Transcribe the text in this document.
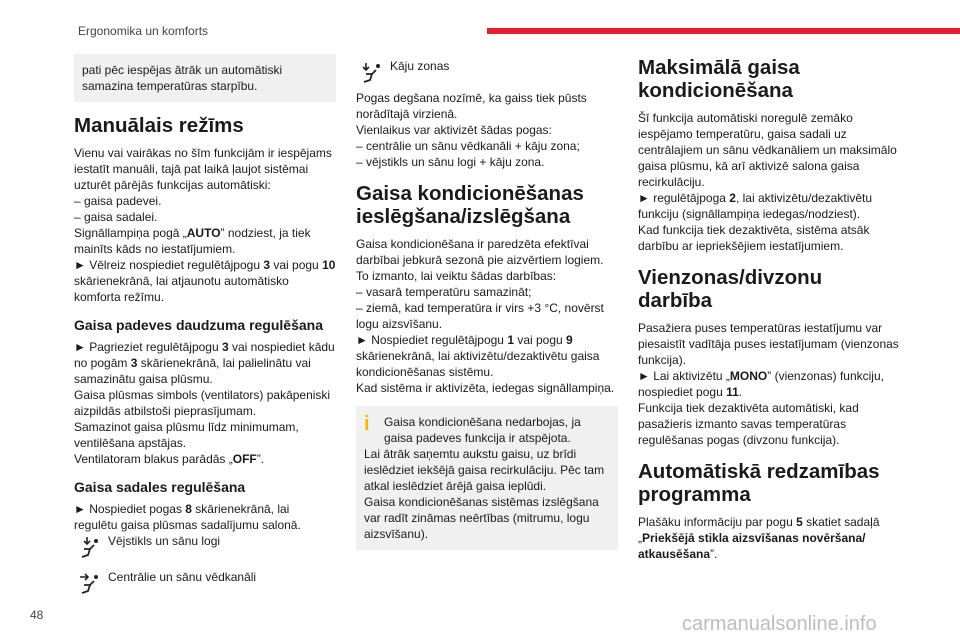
Ergonomika un komforts

pati pēc iespējas ātrāk un automātiski samazina temperatūras starpību.

Manuālais režīms

Vienu vai vairākas no šīm funkcijām ir iespējams iestatīt manuāli, tajā pat laikā ļaujot sistēmai uzturēt pārējās funkcijas automātiski:

– gaisa padevei.

– gaisa sadalei.

Signāllampiņa pogā „AUTO” nodziest, ja tiek mainīts kāds no iestatījumiem.

► Vēlreiz nospiediet regulētājpogu 3 vai pogu 10 skārienekrānā, lai atjaunotu automātisko komforta režīmu.

Gaisa padeves daudzuma regulēšana

► Pagrieziet regulētājpogu 3 vai nospiediet kādu no pogām 3 skārienekrānā, lai palielinātu vai samazinātu gaisa plūsmu.

Gaisa plūsmas simbols (ventilators) pakāpeniski aizpildās atbilstoši pieprasījumam.

Samazinot gaisa plūsmu līdz minimumam, ventilēšana apstājas.

Ventilatoram blakus parādās „OFF”.

Gaisa sadales regulēšana

► Nospiediet pogas 8 skārienekrānā, lai regulētu gaisa plūsmas sadalījumu salonā.

Vējstikls un sānu logi
Centrālie un sānu vēdkanāli
Kāju zonas

Pogas degšana nozīmē, ka gaiss tiek pūsts norādītajā virzienā.

Vienlaikus var aktivizēt šādas pogas:

– centrālie un sānu vēdkanāli + kāju zona;

– vējstikls un sānu logi + kāju zona.

Gaisa kondicionēšanas ieslēgšana/izslēgšana

Gaisa kondicionēšana ir paredzēta efektīvai darbībai jebkurā sezonā pie aizvērtiem logiem.

To izmanto, lai veiktu šādas darbības:

– vasarā temperatūru samazināt;

– ziemā, kad temperatūra ir virs +3 °C, novērst logu aizsvīšanu.

► Nospiediet regulētājpogu 1 vai pogu 9 skārienekrānā, lai aktivizētu/dezaktivētu gaisa kondicionēšanas sistēmu.

Kad sistēma ir aktivizēta, iedegas signāllampiņa.

i	Gaisa kondicionēšana nedarbojas, ja gaisa padeves funkcija ir atspējota.

Lai ātrāk saņemtu aukstu gaisu, uz brīdi ieslēdziet iekšējā gaisa recirkulāciju. Pēc tam atkal ieslēdziet ārējā gaisa ieplūdi.

Gaisa kondicionēšanas sistēmas izslēgšana var radīt zināmas neērtības (mitrumu, logu aizsvīšanu).

Maksimālā gaisa kondicionēšana

Šī funkcija automātiski noregulē zemāko iespējamo temperatūru, gaisa sadali uz centrālajiem un sānu vēdkanāliem un maksimālo gaisa plūsmu, kā arī aktivizē salona gaisa recirkulāciju.

► regulētājpoga 2, lai aktivizētu/dezaktivētu funkciju (signāllampiņa iedegas/nodziest).

Kad funkcija tiek dezaktivēta, sistēma atsāk darbību ar iepriekšējiem iestatījumiem.

Vienzonas/divzonu darbība

Pasažiera puses temperatūras iestatījumu var piesaistīt vadītāja puses iestatījumam (vienzonas funkcija).

► Lai aktivizētu „MONO” (vienzonas) funkciju, nospiediet pogu 11.

Funkcija tiek dezaktivēta automātiski, kad pasažieris izmanto savas temperatūras regulēšanas pogas (divzonu funkcija).

Automātiskā redzamības programma

Plašāku informāciju par pogu 5 skatiet sadaļā „Priekšējā stikla aizsvīšanas novēršana/ atkausēšana”.

48	carmanualsonline.info
